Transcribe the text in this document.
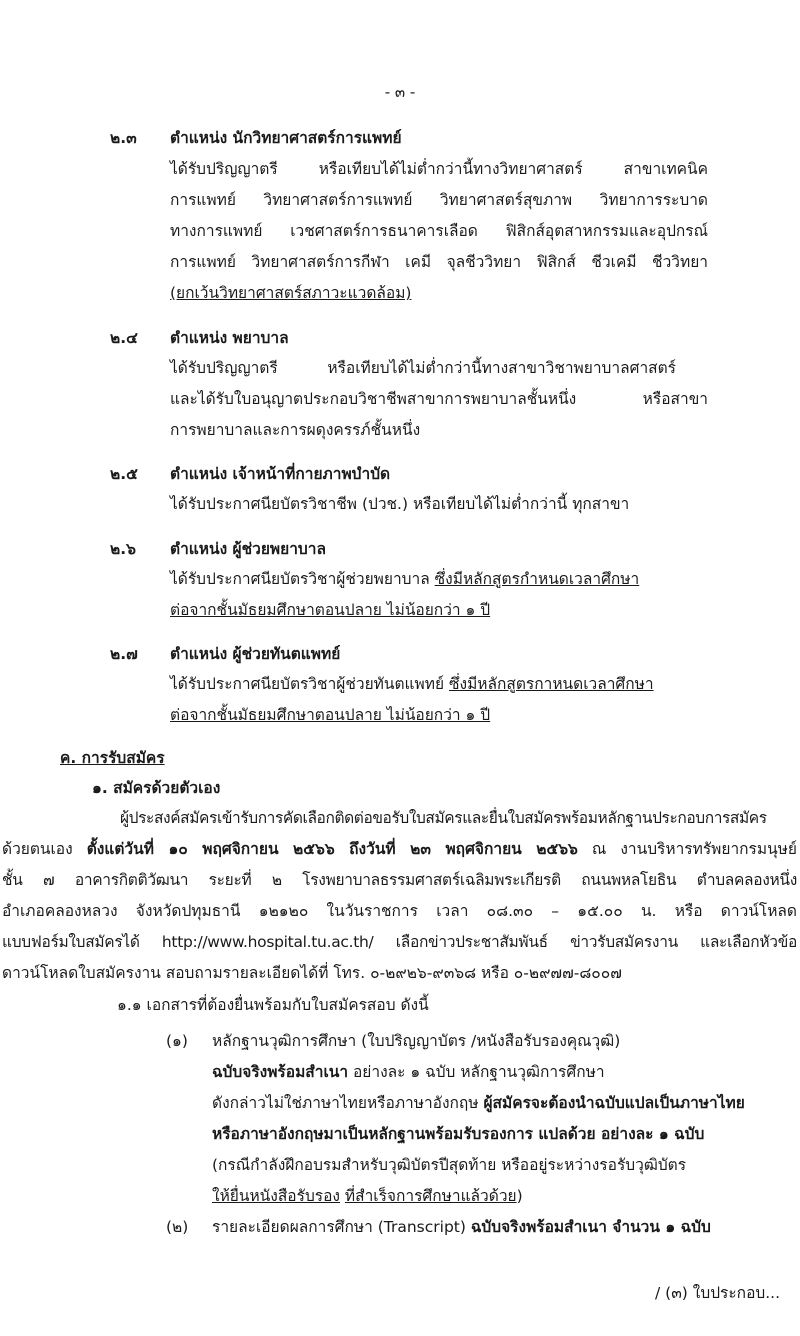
- ๓ -
๒.๓ ตำแหน่ง นักวิทยาศาสตร์การแพทย์
ได้รับปริญญาตรี หรือเทียบได้ไม่ต่ำกว่านี้ทางวิทยาศาสตร์ สาขาเทคนิค
การแพทย์ วิทยาศาสตร์การแพทย์ วิทยาศาสตร์สุขภาพ วิทยาการระบาด
ทางการแพทย์ เวชศาสตร์การธนาคารเลือด ฟิสิกส์อุตสาหกรรมและอุปกรณ์
การแพทย์ วิทยาศาสตร์การกีฬา เคมี จุลชีววิทยา ฟิสิกส์ ชีวเคมี ชีววิทยา
(ยกเว้นวิทยาศาสตร์สภาวะแวดล้อม)
๒.๔ ตำแหน่ง พยาบาล
ได้รับปริญญาตรี หรือเทียบได้ไม่ต่ำกว่านี้ทางสาขาวิชาพยาบาลศาสตร์
และได้รับใบอนุญาตประกอบวิชาชีพสาขาการพยาบาลชั้นหนึ่ง หรือสาขา
การพยาบาลและการผดุงครรภ์ชั้นหนึ่ง
๒.๕ ตำแหน่ง เจ้าหน้าที่กายภาพบำบัด
ได้รับประกาศนียบัตรวิชาชีพ (ปวช.) หรือเทียบได้ไม่ต่ำกว่านี้ ทุกสาขา
๒.๖ ตำแหน่ง ผู้ช่วยพยาบาล
ได้รับประกาศนียบัตรวิชาผู้ช่วยพยาบาล ซึ่งมีหลักสูตรกำหนดเวลาศึกษา
ต่อจากชั้นมัธยมศึกษาตอนปลาย ไม่น้อยกว่า ๑ ปี
๒.๗ ตำแหน่ง ผู้ช่วยทันตแพทย์
ได้รับประกาศนียบัตรวิชาผู้ช่วยทันตแพทย์ ซึ่งมีหลักสูตรกาหนดเวลาศึกษา
ต่อจากชั้นมัธยมศึกษาตอนปลาย ไม่น้อยกว่า ๑ ปี
ค. การรับสมัคร
๑. สมัครด้วยตัวเอง
ผู้ประสงค์สมัครเข้ารับการคัดเลือกติดต่อขอรับใบสมัครและยื่นใบสมัครพร้อมหลักฐานประกอบการสมัคร
ด้วยตนเอง ตั้งแต่วันที่ ๑๐ พฤศจิกายน ๒๕๖๖ ถึงวันที่ ๒๓ พฤศจิกายน ๒๕๖๖ ณ งานบริหารทรัพยากรมนุษย์
ชั้น ๗ อาคารกิตติวัฒนา ระยะที่ ๒ โรงพยาบาลธรรมศาสตร์เฉลิมพระเกียรติ ถนนพหลโยธิน ตำบลคลองหนึ่ง
อำเภอคลองหลวง จังหวัดปทุมธานี ๑๒๑๒๐ ในวันราชการ เวลา ๐๘.๓๐ – ๑๕.๐๐ น. หรือ ดาวน์โหลด
แบบฟอร์มใบสมัครได้ http://www.hospital.tu.ac.th/ เลือกข่าวประชาสัมพันธ์ ข่าวรับสมัครงาน และเลือกหัวข้อ
ดาวน์โหลดใบสมัครงาน สอบถามรายละเอียดได้ที่ โทร. ๐-๒๙๒๖-๙๓๖๘ หรือ ๐-๒๙๗๗-๘๐๐๗
๑.๑ เอกสารที่ต้องยื่นพร้อมกับใบสมัครสอบ ดังนี้
(๑) หลักฐานวุฒิการศึกษา (ใบปริญญาบัตร /หนังสือรับรองคุณวุฒิ)
ฉบับจริงพร้อมสำเนา อย่างละ ๑ ฉบับ หลักฐานวุฒิการศึกษา
ดังกล่าวไม่ใช่ภาษาไทยหรือภาษาอังกฤษ ผู้สมัครจะต้องนำฉบับแปลเป็นภาษาไทย
หรือภาษาอังกฤษมาเป็นหลักฐานพร้อมรับรองการ แปลด้วย อย่างละ ๑ ฉบับ
(กรณีกำลังฝึกอบรมสำหรับวุฒิบัตรปีสุดท้าย หรืออยู่ระหว่างรอรับวุฒิบัตร
ให้ยื่นหนังสือรับรอง ที่สำเร็จการศึกษาแล้วด้วย)
(๒) รายละเอียดผลการศึกษา (Transcript) ฉบับจริงพร้อมสำเนา จำนวน ๑ ฉบับ
/ (๓) ใบประกอบ...
